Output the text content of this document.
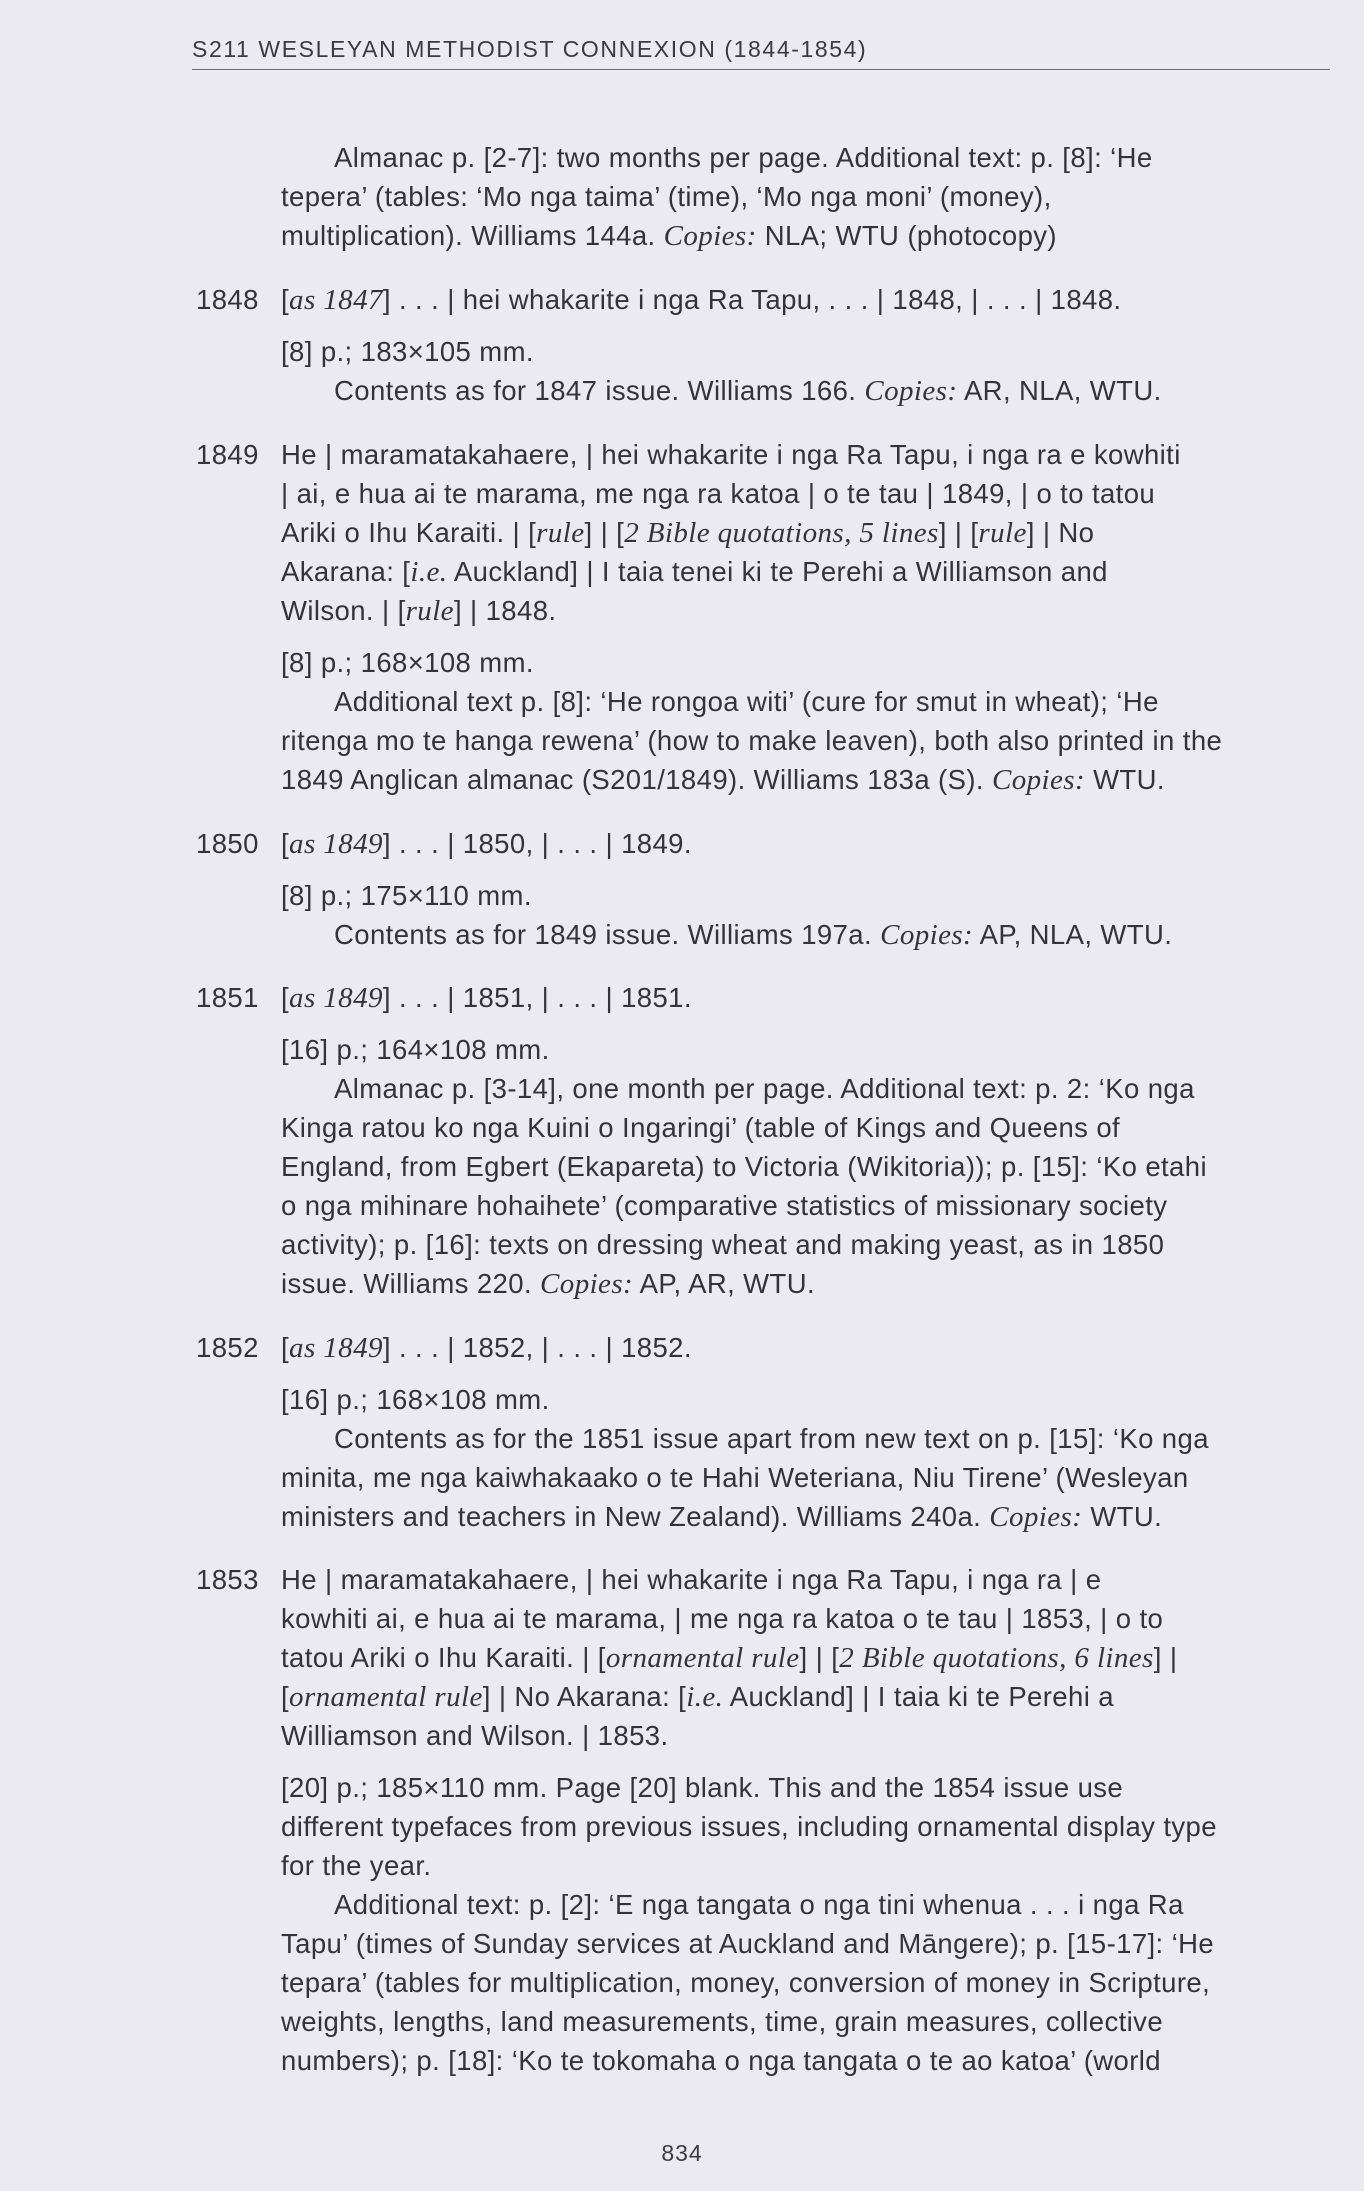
S211 WESLEYAN METHODIST CONNEXION (1844-1854)
Almanac p. [2-7]: two months per page. Additional text: p. [8]: ‘He
tepera’ (tables: ‘Mo nga taima’ (time), ‘Mo nga moni’ (money),
multiplication). Williams 144a. Copies: NLA; WTU (photocopy)
1848 [as 1847] . . . | hei whakarite i nga Ra Tapu, . . . | 1848, | . . . | 1848.
[8] p.; 183×105 mm.
Contents as for 1847 issue. Williams 166. Copies: AR, NLA, WTU.
1849 He | maramatakahaere, | hei whakarite i nga Ra Tapu, i nga ra e kowhiti
| ai, e hua ai te marama, me nga ra katoa | o te tau | 1849, | o to tatou
Ariki o Ihu Karaiti. | [rule] | [2 Bible quotations, 5 lines] | [rule] | No
Akarana: [i.e. Auckland] | I taia tenei ki te Perehi a Williamson and
Wilson. | [rule] | 1848.
[8] p.; 168×108 mm.
Additional text p. [8]: ‘He rongoa witi’ (cure for smut in wheat); ‘He
ritenga mo te hanga rewena’ (how to make leaven), both also printed in the
1849 Anglican almanac (S201/1849). Williams 183a (S). Copies: WTU.
1850 [as 1849] . . . | 1850, | . . . | 1849.
[8] p.; 175×110 mm.
Contents as for 1849 issue. Williams 197a. Copies: AP, NLA, WTU.
1851 [as 1849] . . . | 1851, | . . . | 1851.
[16] p.; 164×108 mm.
Almanac p. [3-14], one month per page. Additional text: p. 2: ‘Ko nga
Kinga ratou ko nga Kuini o Ingaringi’ (table of Kings and Queens of
England, from Egbert (Ekapareta) to Victoria (Wikitoria)); p. [15]: ‘Ko etahi
o nga mihinare hohaihete’ (comparative statistics of missionary society
activity); p. [16]: texts on dressing wheat and making yeast, as in 1850
issue. Williams 220. Copies: AP, AR, WTU.
1852 [as 1849] . . . | 1852, | . . . | 1852.
[16] p.; 168×108 mm.
Contents as for the 1851 issue apart from new text on p. [15]: ‘Ko nga
minita, me nga kaiwhakaako o te Hahi Weteriana, Niu Tirene’ (Wesleyan
ministers and teachers in New Zealand). Williams 240a. Copies: WTU.
1853 He | maramatakahaere, | hei whakarite i nga Ra Tapu, i nga ra | e
kowhiti ai, e hua ai te marama, | me nga ra katoa o te tau | 1853, | o to
tatou Ariki o Ihu Karaiti. | [ornamental rule] | [2 Bible quotations, 6 lines] |
[ornamental rule] | No Akarana: [i.e. Auckland] | I taia ki te Perehi a
Williamson and Wilson. | 1853.
[20] p.; 185×110 mm. Page [20] blank. This and the 1854 issue use
different typefaces from previous issues, including ornamental display type
for the year.
Additional text: p. [2]: ‘E nga tangata o nga tini whenua . . . i nga Ra
Tapu’ (times of Sunday services at Auckland and Māngere); p. [15-17]: ‘He
tepara’ (tables for multiplication, money, conversion of money in Scripture,
weights, lengths, land measurements, time, grain measures, collective
numbers); p. [18]: ‘Ko te tokomaha o nga tangata o te ao katoa’ (world
834
